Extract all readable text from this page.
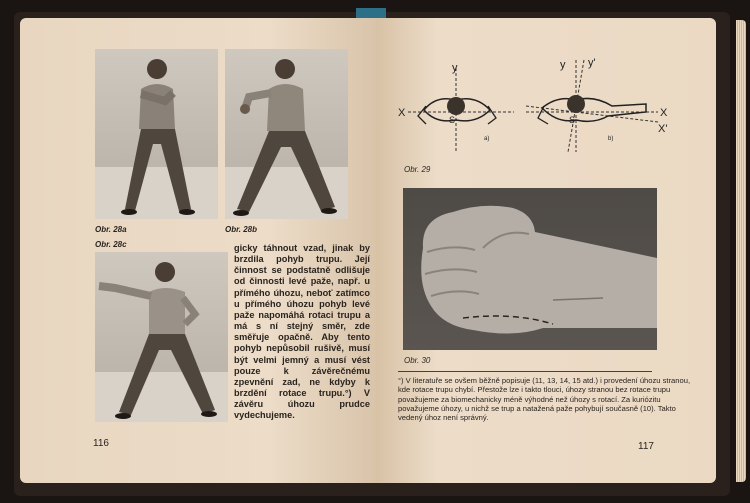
Obr. 28a	Obr. 28b
Obr. 28c	gicky táhnout vzad, jinak by brzdila pohyb trupu. Její činnost se podstatně odlišuje od činnosti levé paže, např. u přímého úhozu, neboť zatímco u přímého úhozu pohyb levé paže napomáhá rotaci trupu a má s ní stejný směr, zde směřuje opačně. Aby tento pohyb nepůsobil rušivě, musí být velmi jemný a musí vést pouze k závěrečnému zpevnění zad, ne kdyby k brzdění rotace trupu.°) V závěru úhozu prudce vydechujeme.

116
y
X
S
a)
y y'
X
X'
S
b)
Obr. 29
Obr. 30
°) V literatuře se ovšem běžně popisuje (11, 13, 14, 15 atd.) i provedení úhozu stranou, kde rotace trupu chybí. Přestože lze i takto tlouci, úhozy stranou bez rotace trupu považujeme za biomechanicky méně výhodné než úhozy s rotací. Za kuriózitu považujeme úhozy, u nichž se trup a natažená paže pohybují současně (10). Takto vedený úhoz není správný.
117
